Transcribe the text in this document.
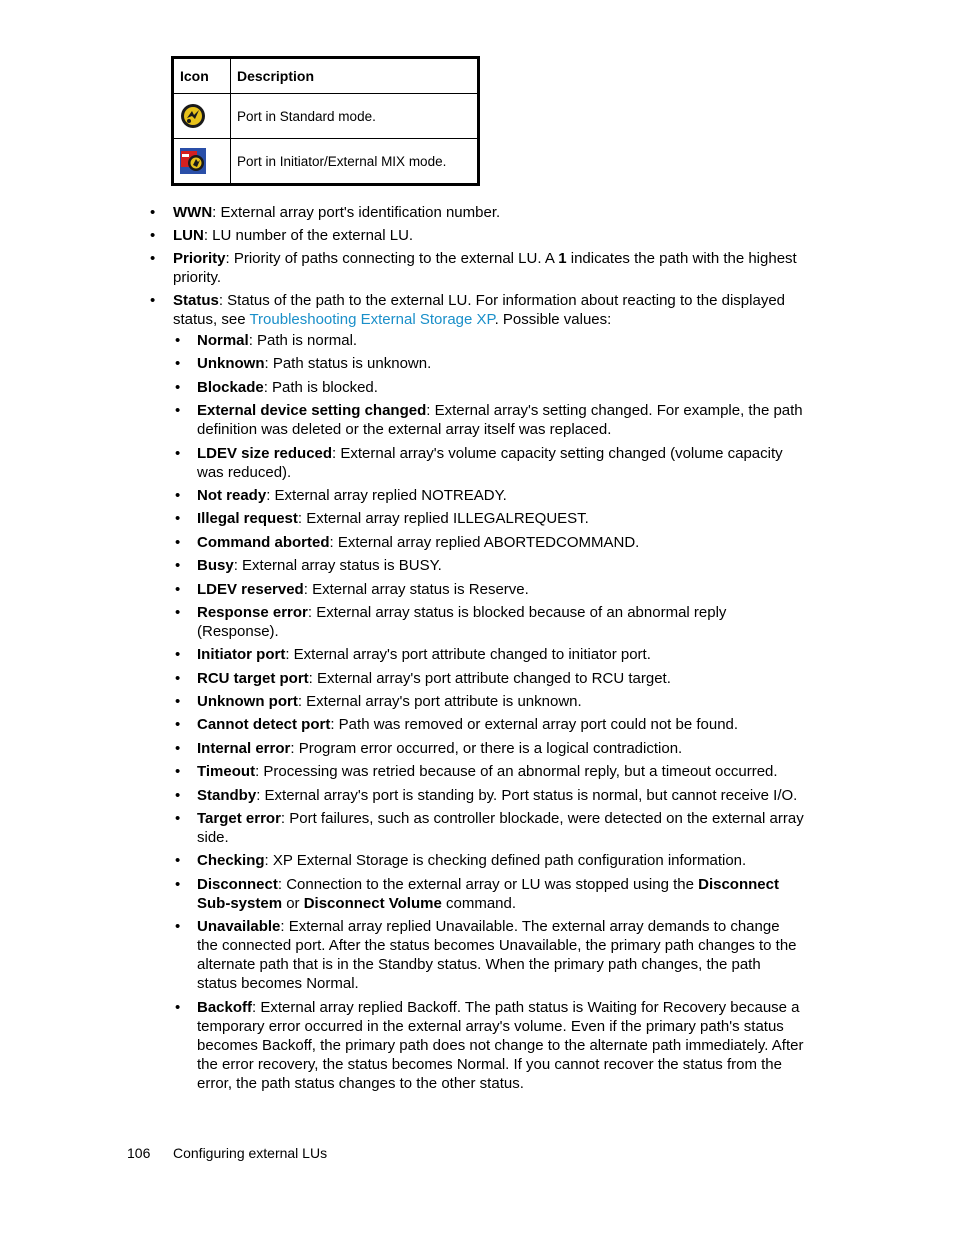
Icon	Description

	Port in Standard mode.

	Port in Initiator/External MIX mode.
• WWN: External array port's identification number.
• LUN: LU number of the external LU.
• Priority: Priority of paths connecting to the external LU. A 1 indicates the path with the highest priority.
• Status: Status of the path to the external LU. For information about reacting to the displayed status, see Troubleshooting External Storage XP. Possible values:
• Normal: Path is normal.
• Unknown: Path status is unknown.
• Blockade: Path is blocked.
• External device setting changed: External array's setting changed. For example, the path definition was deleted or the external array itself was replaced.
• LDEV size reduced: External array's volume capacity setting changed (volume capacity was reduced).
• Not ready: External array replied NOTREADY.
• Illegal request: External array replied ILLEGALREQUEST.
• Command aborted: External array replied ABORTEDCOMMAND.
• Busy: External array status is BUSY.
• LDEV reserved: External array status is Reserve.
• Response error: External array status is blocked because of an abnormal reply (Response).
• Initiator port: External array's port attribute changed to initiator port.
• RCU target port: External array's port attribute changed to RCU target.
• Unknown port: External array's port attribute is unknown.
• Cannot detect port: Path was removed or external array port could not be found.
• Internal error: Program error occurred, or there is a logical contradiction.
• Timeout: Processing was retried because of an abnormal reply, but a timeout occurred.
• Standby: External array's port is standing by. Port status is normal, but cannot receive I/O.
• Target error: Port failures, such as controller blockade, were detected on the external array side.
• Checking: XP External Storage is checking defined path configuration information.
• Disconnect: Connection to the external array or LU was stopped using the Disconnect Sub-system or Disconnect Volume command.
• Unavailable: External array replied Unavailable. The external array demands to change the connected port. After the status becomes Unavailable, the primary path changes to the alternate path that is in the Standby status. When the primary path changes, the path status becomes Normal.
• Backoff: External array replied Backoff. The path status is Waiting for Recovery because a temporary error occurred in the external array's volume. Even if the primary path's status becomes Backoff, the primary path does not change to the alternate path immediately. After the error recovery, the status becomes Normal. If you cannot recover the status from the error, the path status changes to the other status.
106 Configuring external LUs
